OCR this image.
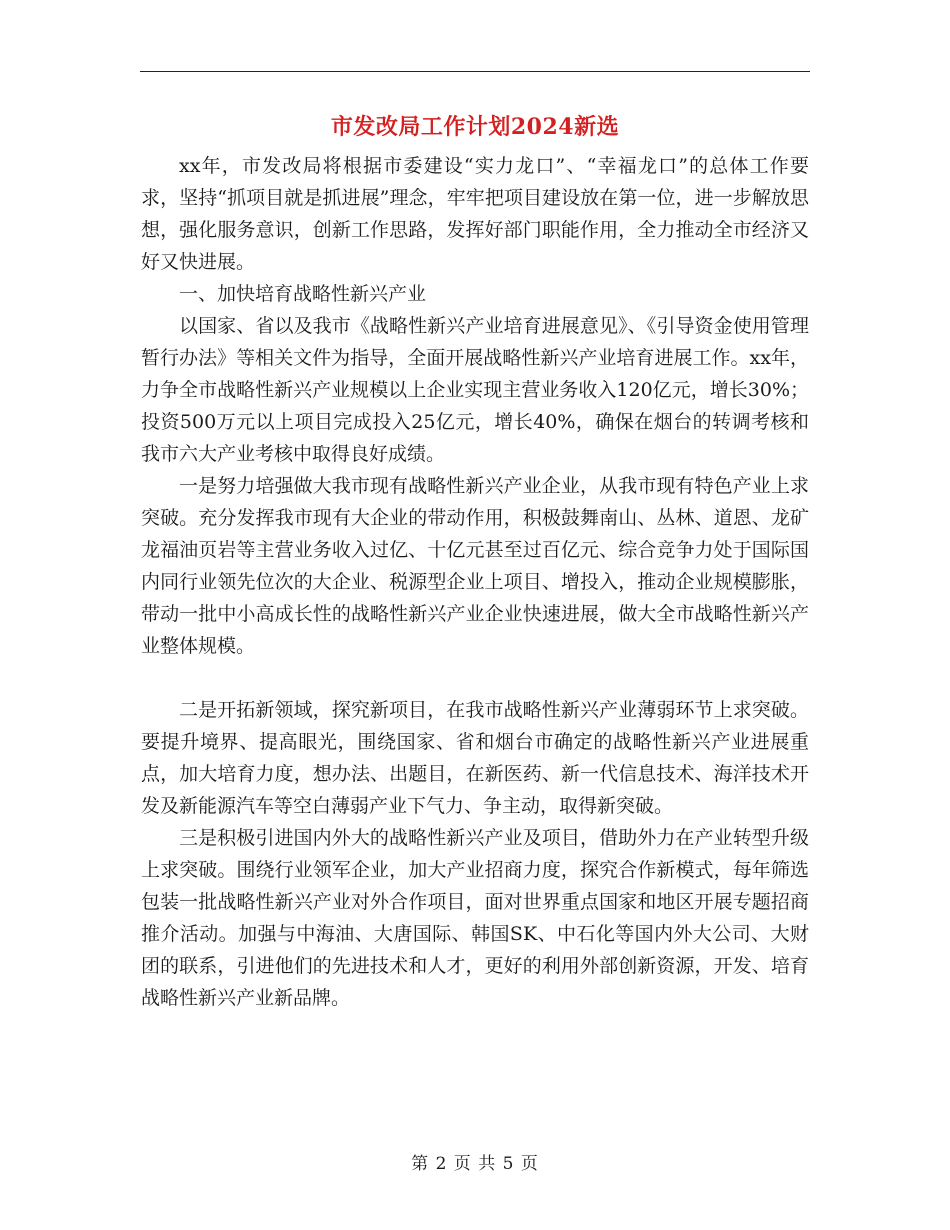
市发改局工作计划2024新选

xx年，市发改局将根据市委建设“实力龙口”、“幸福龙口”的总体工作要求，坚持“抓项目就是抓进展”理念，牢牢把项目建设放在第一位，进一步解放思想，强化服务意识，创新工作思路，发挥好部门职能作用，全力推动全市经济又好又快进展。

一、加快培育战略性新兴产业

以国家、省以及我市《战略性新兴产业培育进展意见》、《引导资金使用管理暂行办法》等相关文件为指导，全面开展战略性新兴产业培育进展工作。xx年，力争全市战略性新兴产业规模以上企业实现主营业务收入120亿元，增长30%；投资500万元以上项目完成投入25亿元，增长40%，确保在烟台的转调考核和我市六大产业考核中取得良好成绩。

一是努力培强做大我市现有战略性新兴产业企业，从我市现有特色产业上求突破。充分发挥我市现有大企业的带动作用，积极鼓舞南山、丛林、道恩、龙矿龙福油页岩等主营业务收入过亿、十亿元甚至过百亿元、综合竞争力处于国际国内同行业领先位次的大企业、税源型企业上项目、增投入，推动企业规模膨胀，带动一批中小高成长性的战略性新兴产业企业快速进展，做大全市战略性新兴产业整体规模。

二是开拓新领域，探究新项目，在我市战略性新兴产业薄弱环节上求突破。要提升境界、提高眼光，围绕国家、省和烟台市确定的战略性新兴产业进展重点，加大培育力度，想办法、出题目，在新医药、新一代信息技术、海洋技术开发及新能源汽车等空白薄弱产业下气力、争主动，取得新突破。

三是积极引进国内外大的战略性新兴产业及项目，借助外力在产业转型升级上求突破。围绕行业领军企业，加大产业招商力度，探究合作新模式，每年筛选包装一批战略性新兴产业对外合作项目，面对世界重点国家和地区开展专题招商推介活动。加强与中海油、大唐国际、韩国SK、中石化等国内外大公司、大财团的联系，引进他们的先进技术和人才，更好的利用外部创新资源，开发、培育战略性新兴产业新品牌。

第 2 页 共 5 页
